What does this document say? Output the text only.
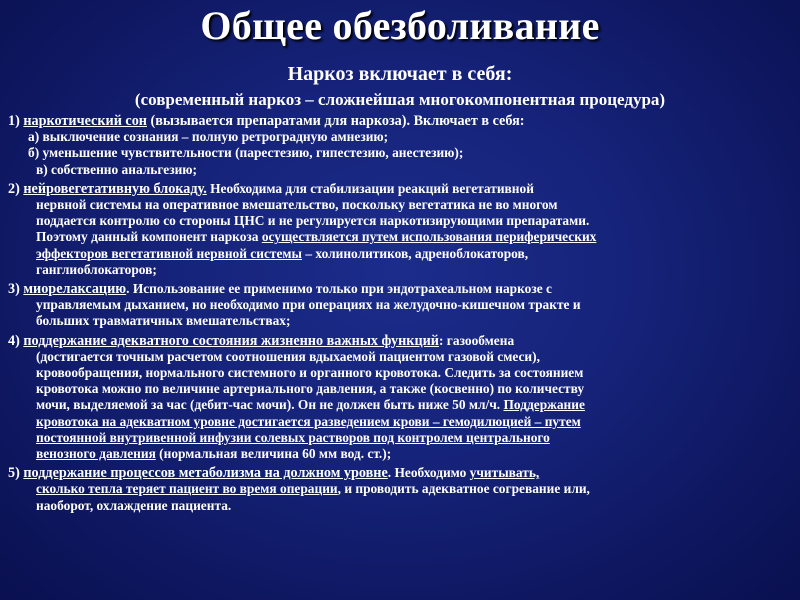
Общее обезболивание
Наркоз включает в себя:
(современный наркоз – сложнейшая многокомпонентная процедура)

1) наркотический сон (вызывается препаратами для наркоза). Включает в себя:

а) выключение сознания – полную ретроградную амнезию;

б) уменьшение чувствительности (парестезию, гипестезию, анестезию);

в) собственно анальгезию;

2) нейровегетативную блокаду. Необходима для стабилизации реакций вегетативной

нервной системы на оперативное вмешательство, поскольку вегетатика не во многом

поддается контролю со стороны ЦНС и не регулируется наркотизирующими препаратами.

Поэтому данный компонент наркоза осуществляется путем использования периферических

эффекторов вегетативной нервной системы – холинолитиков, адреноблокаторов,

ганглиоблокаторов;

3) миорелаксацию. Использование ее применимо только при эндотрахеальном наркозе с

управляемым дыханием, но необходимо при операциях на желудочно-кишечном тракте и

больших травматичных вмешательствах;

4) поддержание адекватного состояния жизненно важных функций: газообмена

(достигается точным расчетом соотношения вдыхаемой пациентом газовой смеси),

кровообращения, нормального системного и органного кровотока. Следить за состоянием

кровотока можно по величине артериального давления, а также (косвенно) по количеству

мочи, выделяемой за час (дебит-час мочи). Он не должен быть ниже 50 мл/ч. Поддержание

кровотока на адекватном уровне достигается разведением крови – гемодилюцией – путем

постоянной внутривенной инфузии солевых растворов под контролем центрального

венозного давления (нормальная величина 60 мм вод. ст.);

5) поддержание процессов метаболизма на должном уровне. Необходимо учитывать,

сколько тепла теряет пациент во время операции, и проводить адекватное согревание или,

наоборот, охлаждение пациента.
